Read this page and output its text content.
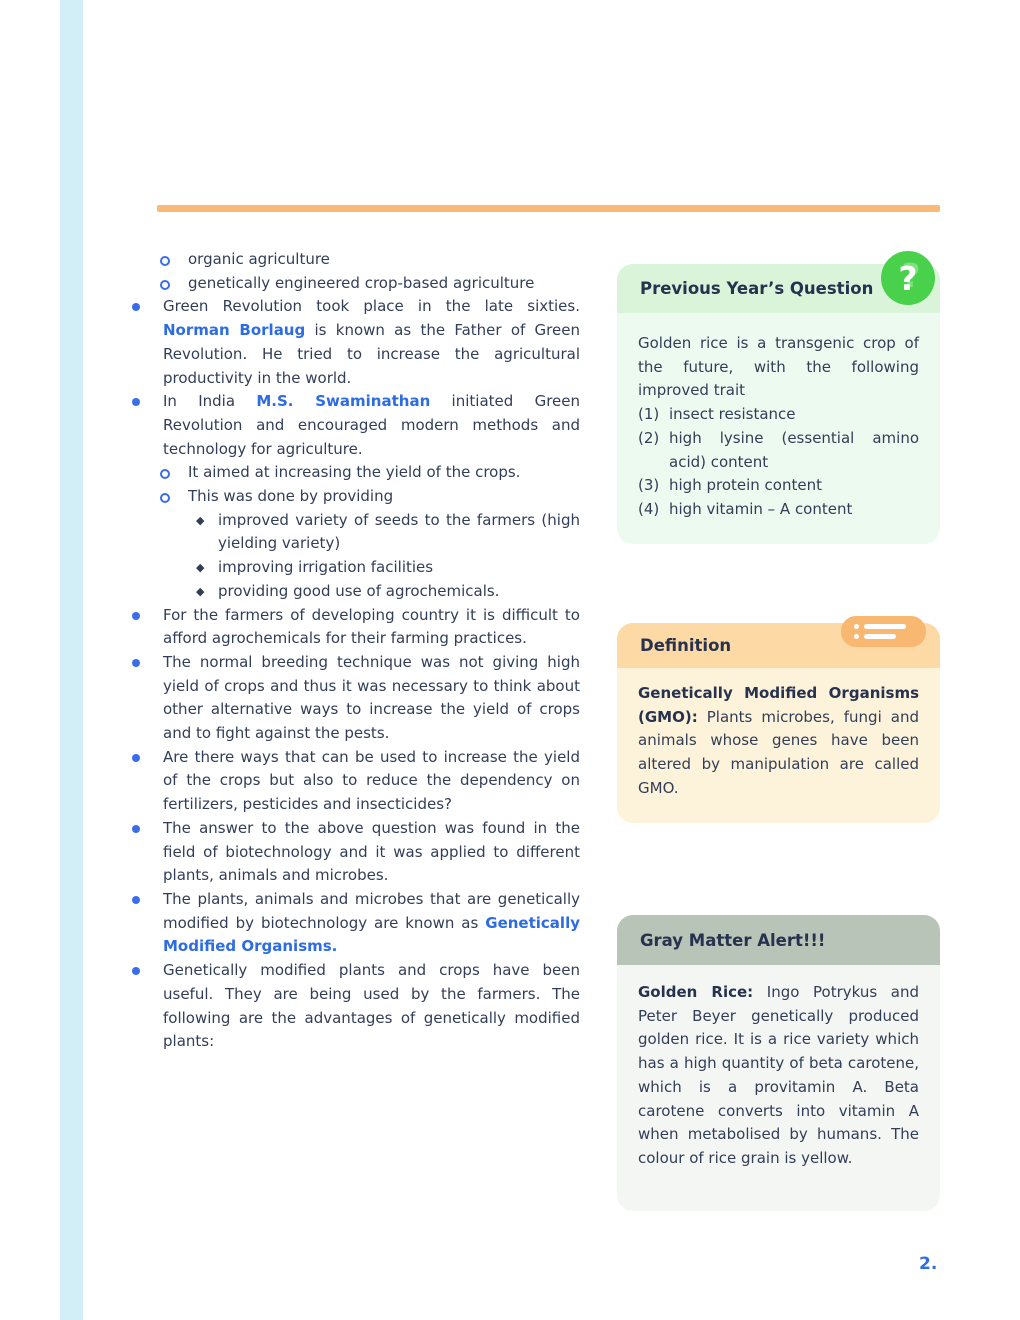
organic agriculture
genetically engineered crop-based agriculture
Green Revolution took place in the late sixties. Norman Borlaug is known as the Father of Green Revolution. He tried to increase the agricultural productivity in the world.
In India M.S. Swaminathan initiated Green Revolution and encouraged modern methods and technology for agriculture.
It aimed at increasing the yield of the crops.
This was done by providing
◆ improved variety of seeds to the farmers (high yielding variety)
◆ improving irrigation facilities
◆ providing good use of agrochemicals.
For the farmers of developing country it is difficult to afford agrochemicals for their farming practices.
The normal breeding technique was not giving high yield of crops and thus it was necessary to think about other alternative ways to increase the yield of crops and to fight against the pests.
Are there ways that can be used to increase the yield of the crops but also to reduce the dependency on fertilizers, pesticides and insecticides?
The answer to the above question was found in the field of biotechnology and it was applied to different plants, animals and microbes.
The plants, animals and microbes that are genetically modified by biotechnology are known as Genetically Modified Organisms.
Genetically modified plants and crops have been useful. They are being used by the farmers. The following are the advantages of genetically modified plants:
Previous Year’s Question ?

Golden rice is a transgenic crop of the future, with the following improved trait

(1) insect resistance
(2) high lysine (essential amino acid) content
(3) high protein content
(4) high vitamin – A content
Definition

Genetically Modified Organisms (GMO): Plants microbes, fungi and animals whose genes have been altered by manipulation are called GMO.

Gray Matter Alert!!!

Golden Rice: Ingo Potrykus and Peter Beyer genetically produced golden rice. It is a rice variety which has a high quantity of beta carotene, which is a provitamin A. Beta carotene converts into vitamin A when metabolised by humans. The colour of rice grain is yellow.

2.
